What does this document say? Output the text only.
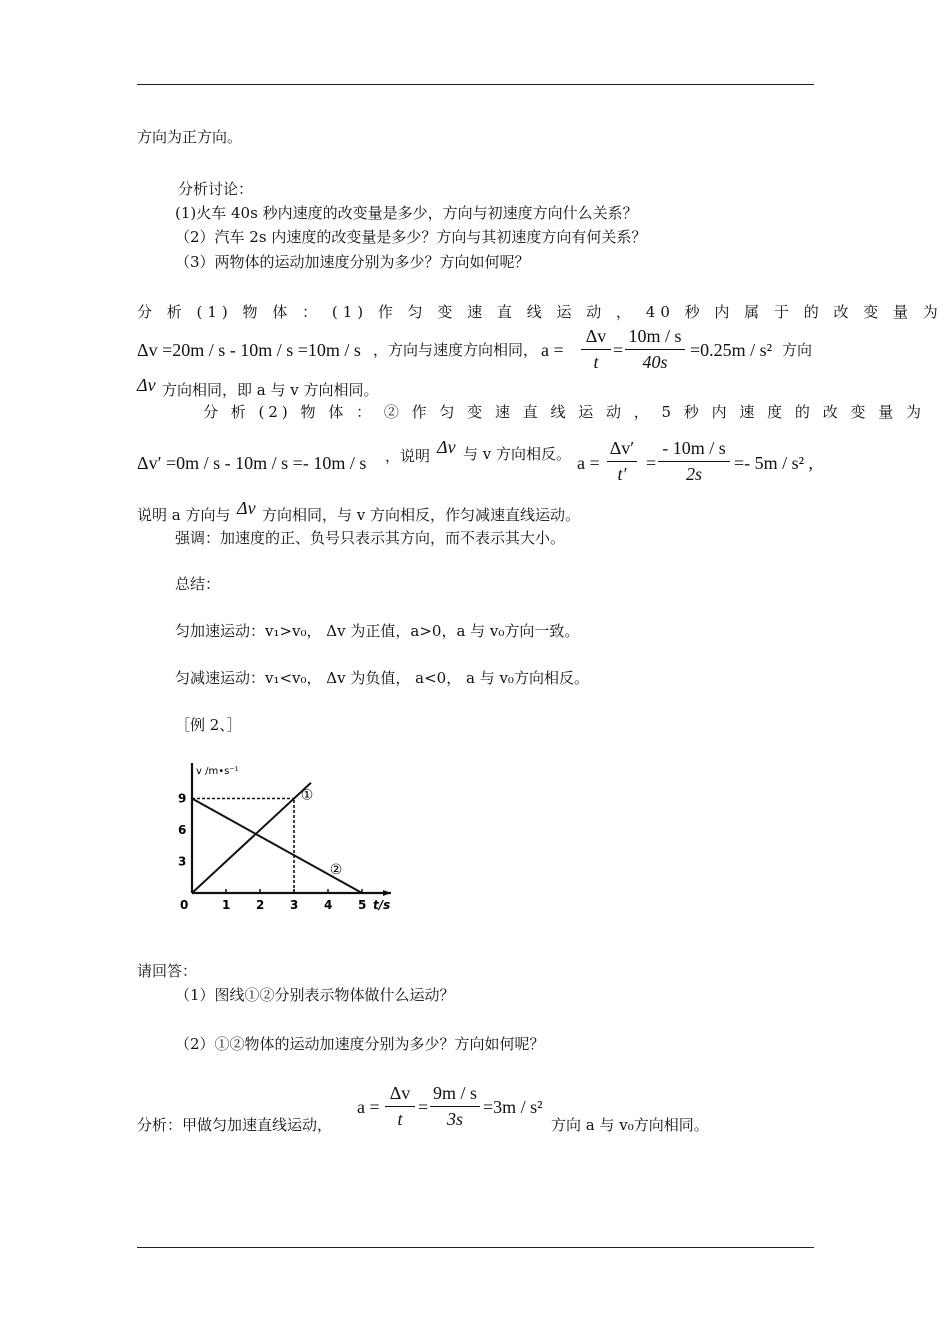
方向为正方向。
分析讨论：
(1)火车 40s 秒内速度的改变量是多少，方向与初速度方向什么关系？
（2）汽车 2s 内速度的改变量是多少？方向与其初速度方向有何关系？
（3）两物体的运动加速度分别为多少？方向如何呢？
分 析 (1) 物 体 ： (1) 作 匀 变 速 直 线 运 动 ， 40 秒 内 属 于 的 改 变 量 为
Δv =20m / s - 10m / s =10m / s ，方向与速度方向相同， $a = \frac{\Delta v}{t} = \frac{10m / s}{40s} =0.25m / s^2$ 方向
Δv 方向相同，即 a 与 v 方向相同。
分 析 (2) 物 体 ： ② 作 匀 变 速 直 线 运 动 ， 5 秒 内 速 度 的 改 变 量 为
Δv′ =0m / s - 10m / s =- 10m / s ，说明 Δv 与 v 方向相反。 $a = \frac{\Delta v'}{t'} = \frac{- 10m / s}{2s} =- 5m / s^2$ ,
说明 a 方向与 Δv 方向相同，与 v 方向相反，作匀减速直线运动。
强调：加速度的正、负号只表示其方向，而不表示其大小。
总结：
匀加速运动：v₁>v₀， Δv 为正值，a>0，a 与 v₀方向一致。
匀减速运动：v₁<v₀， Δv 为负值， a<0， a 与 v₀方向相反。
［例 2、］
①
②
0	1 2 3 4 5
3
6
9
v /m•s⁻¹
t/s
请回答：
（1）图线①②分别表示物体做什么运动？
（2）①②物体的运动加速度分别为多少？方向如何呢？
分析：甲做匀加速直线运动，
$a = \frac{\Delta v}{t} = \frac{9m / s}{3s} =3m / s^2$
方向 a 与 v₀方向相同。
